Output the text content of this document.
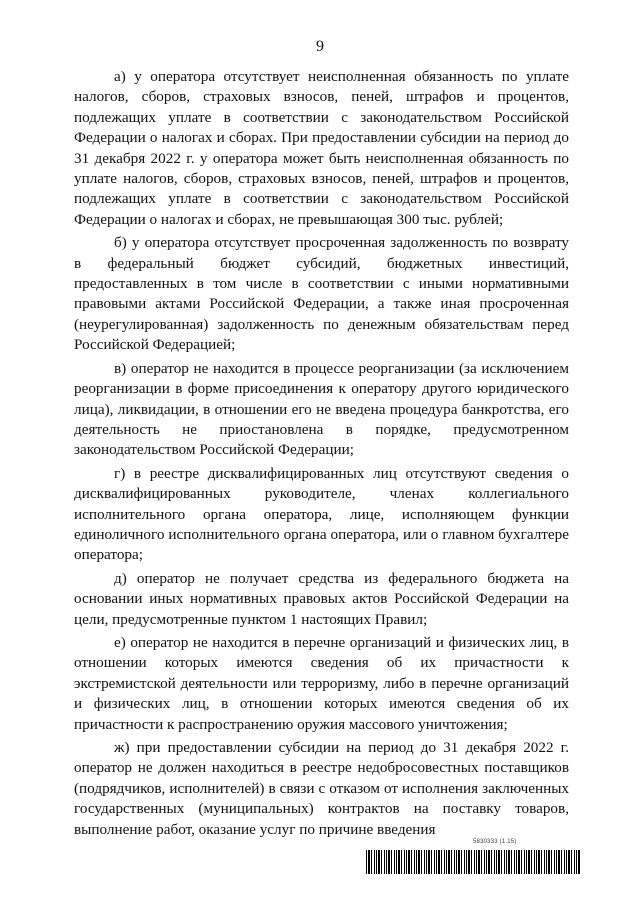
9

а) у оператора отсутствует неисполненная обязанность по уплате налогов, сборов, страховых взносов, пеней, штрафов и процентов, подлежащих уплате в соответствии с законодательством Российской Федерации о налогах и сборах. При предоставлении субсидии на период до 31 декабря 2022 г. у оператора может быть неисполненная обязанность по уплате налогов, сборов, страховых взносов, пеней, штрафов и процентов, подлежащих уплате в соответствии с законодательством Российской Федерации о налогах и сборах, не превышающая 300 тыс. рублей;

б) у оператора отсутствует просроченная задолженность по возврату в федеральный бюджет субсидий, бюджетных инвестиций, предоставленных в том числе в соответствии с иными нормативными правовыми актами Российской Федерации, а также иная просроченная (неурегулированная) задолженность по денежным обязательствам перед Российской Федерацией;

в) оператор не находится в процессе реорганизации (за исключением реорганизации в форме присоединения к оператору другого юридического лица), ликвидации, в отношении его не введена процедура банкротства, его деятельность не приостановлена в порядке, предусмотренном законодательством Российской Федерации;

г) в реестре дисквалифицированных лиц отсутствуют сведения о дисквалифицированных руководителе, членах коллегиального исполнительного органа оператора, лице, исполняющем функции единоличного исполнительного органа оператора, или о главном бухгалтере оператора;

д) оператор не получает средства из федерального бюджета на основании иных нормативных правовых актов Российской Федерации на цели, предусмотренные пунктом 1 настоящих Правил;

е) оператор не находится в перечне организаций и физических лиц, в отношении которых имеются сведения об их причастности к экстремистской деятельности или терроризму, либо в перечне организаций и физических лиц, в отношении которых имеются сведения об их причастности к распространению оружия массового уничтожения;

ж) при предоставлении субсидии на период до 31 декабря 2022 г. оператор не должен находиться в реестре недобросовестных поставщиков (подрядчиков, исполнителей) в связи с отказом от исполнения заключенных государственных (муниципальных) контрактов на поставку товаров, выполнение работ, оказание услуг по причине введения

5830333 (1.15)
